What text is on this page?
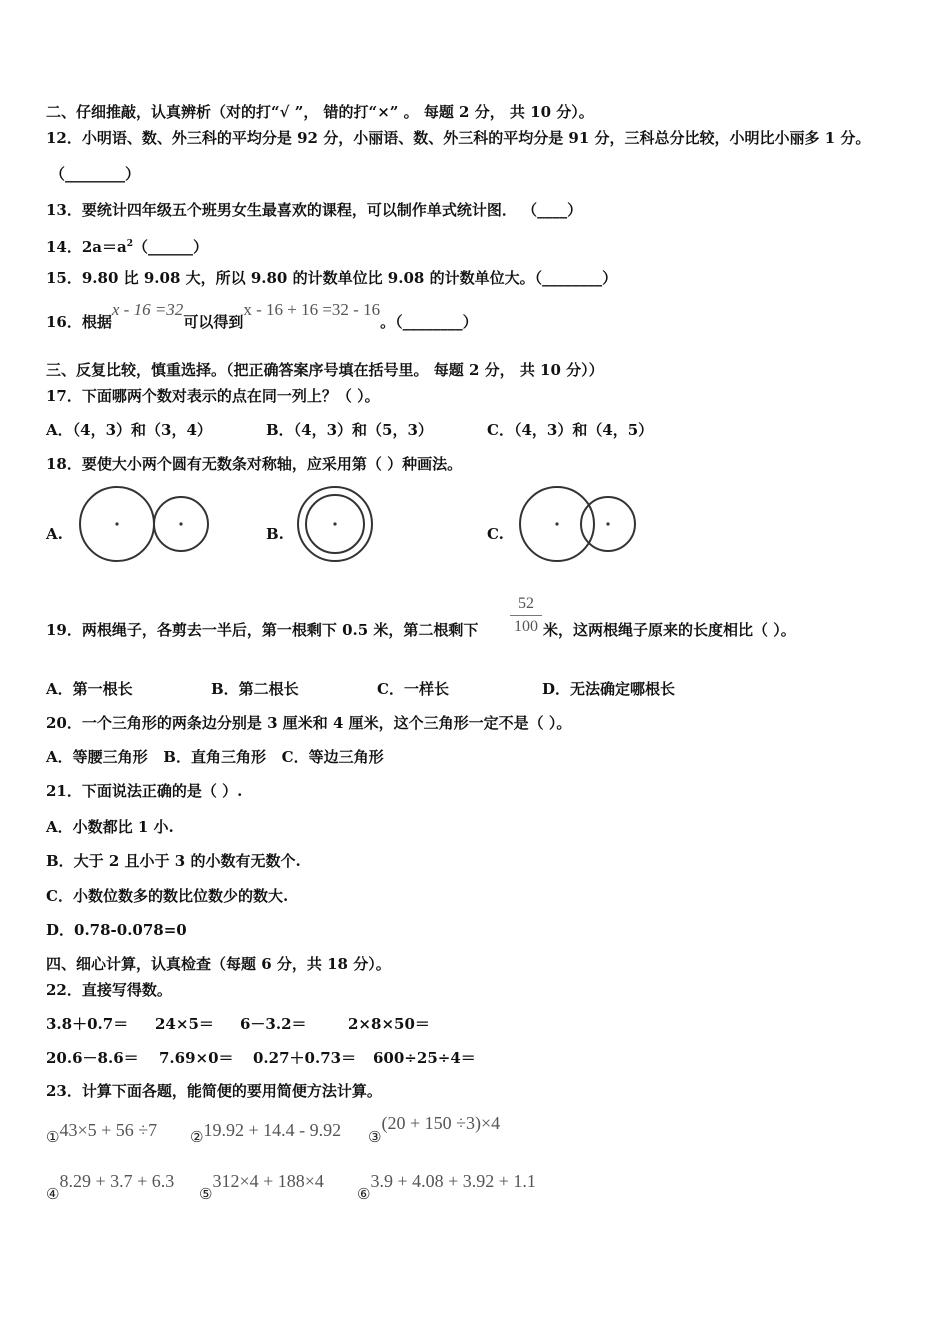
二、仔细推敲，认真辨析（对的打“√ ”， 错的打“×” 。 每题 2 分， 共 10 分）。
12．小明语、数、外三科的平均分是 92 分，小丽语、数、外三科的平均分是 91 分，三科总分比较，小明比小丽多 1 分。
（________）
13．要统计四年级五个班男女生最喜欢的课程，可以制作单式统计图． （____）
14．$2a=a^2(\_\_\_\_\_\_)$
15．9.80 比 9.08 大，所以 9.80 的计数单位比 9.08 的计数单位大。（________）
16．根据x - 16 =32可以得到x - 16 + 16 =32 - 16。（________）
三、反复比较，慎重选择。（把正确答案序号填在括号里。 每题 2 分， 共 10 分））
17．下面哪两个数对表示的点在同一列上？（ ）。
A．（4，3）和（3，4）	B．（4，3）和（5，3）	C．（4，3）和（4，5）
18．要使大小两个圆有无数条对称轴，应采用第（ ）种画法。
A.	B.	C.
19．两根绳子，各剪去一半后，第一根剩下 0.5 米，第二根剩下
52
100 米，这两根绳子原来的长度相比（ ）。
A．第一根长	B．第二根长	C．一样长	D．无法确定哪根长
20．一个三角形的两条边分别是 3 厘米和 4 厘米，这个三角形一定不是（ ）。
A．等腰三角形   B．直角三角形   C．等边三角形
21．下面说法正确的是（ ）.
A．小数都比 1 小.
B．大于 2 且小于 3 的小数有无数个.
C．小数位数多的数比位数少的数大.
D．0.78-0.078=0
四、细心计算，认真检查（每题 6 分，共 18 分）。
22．直接写得数。
3.8＋0.7＝ 24×5＝ 6－3.2＝	2×8×50＝
20.6－8.6＝ 7.69×0＝ 0.27＋0.73＝ 600÷25÷4＝
23．计算下面各题，能简便的要用简便方法计算。
①43×5 + 56 ÷7 ②19.92 + 14.4 - 9.92 ③(20 + 150 ÷3)×4
④8.29 + 3.7 + 6.3
⑤312×4 + 188×4
⑥3.9 + 4.08 + 3.92 + 1.1
